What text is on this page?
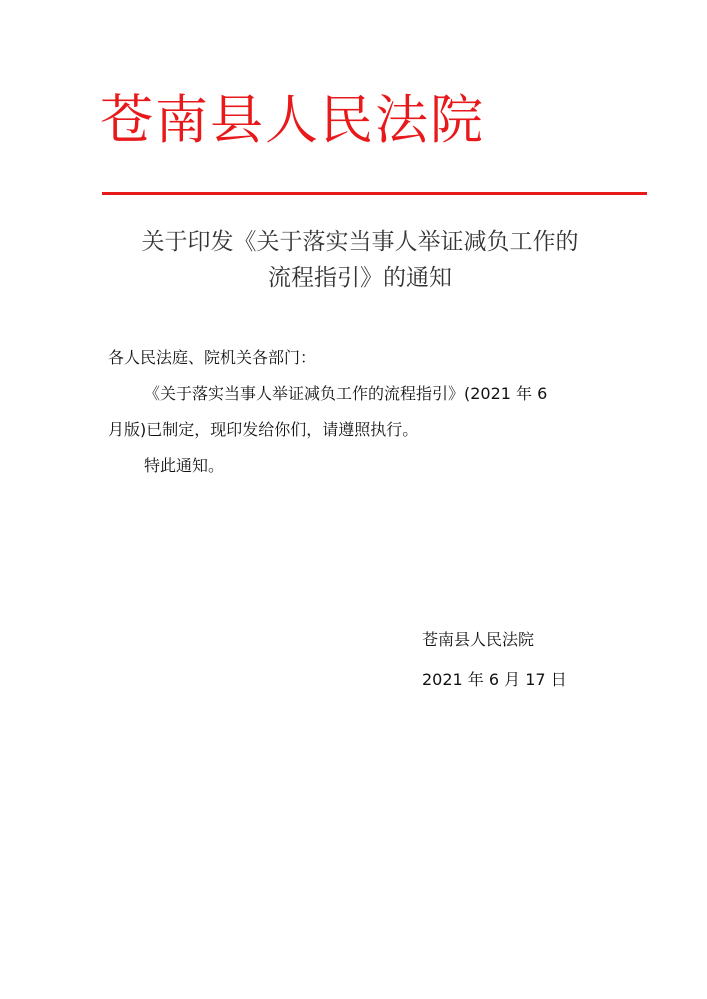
苍南县人民法院
关于印发《关于落实当事人举证减负工作的
流程指引》的通知
各人民法庭、院机关各部门：
《关于落实当事人举证减负工作的流程指引》(2021 年 6
月版)已制定，现印发给你们，请遵照执行。
特此通知。
苍南县人民法院
2021 年 6 月 17 日
